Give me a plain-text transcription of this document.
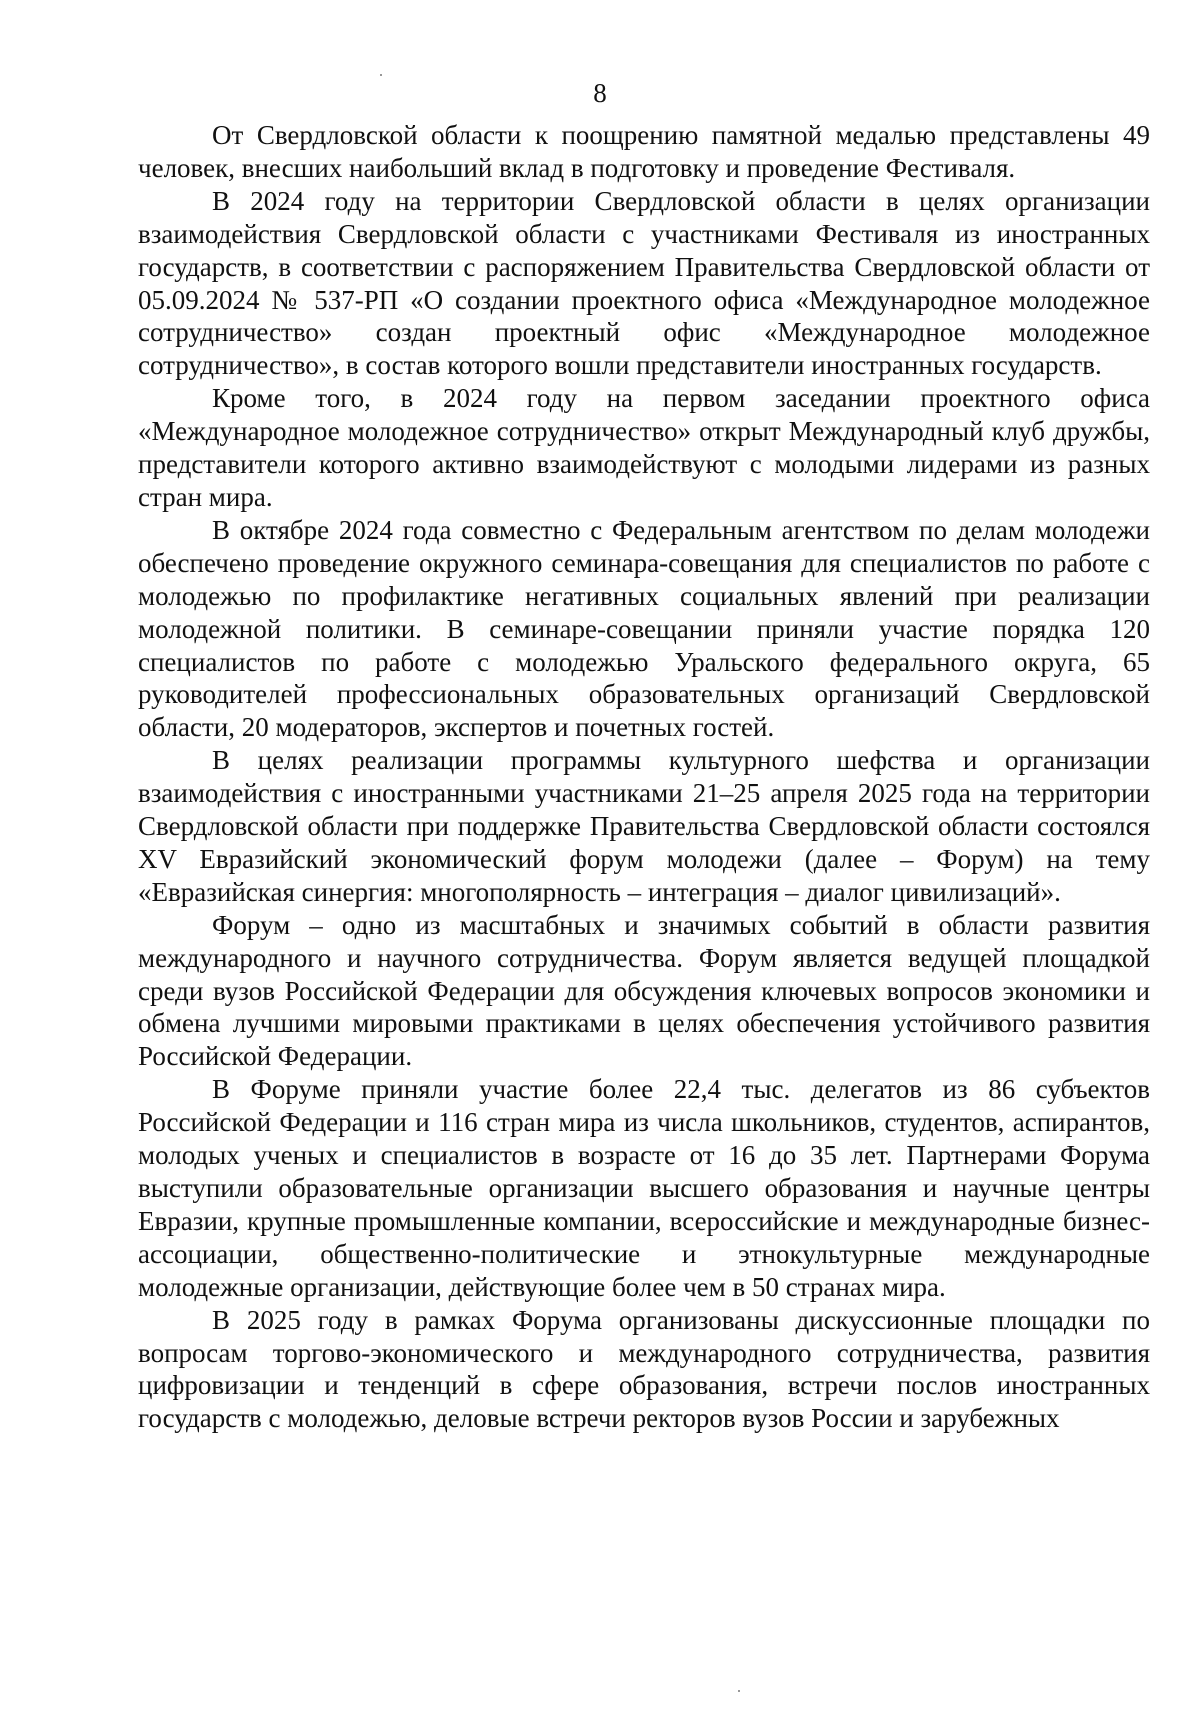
8

От Свердловской области к поощрению памятной медалью представлены 49 человек, внесших наибольший вклад в подготовку и проведение Фестиваля.

В 2024 году на территории Свердловской области в целях организации взаимодействия Свердловской области с участниками Фестиваля из иностранных государств, в соответствии с распоряжением Правительства Свердловской области от 05.09.2024 № 537-РП «О создании проектного офиса «Международное молодежное сотрудничество» создан проектный офис «Международное молодежное сотрудничество», в состав которого вошли представители иностранных государств.

Кроме того, в 2024 году на первом заседании проектного офиса «Международное молодежное сотрудничество» открыт Международный клуб дружбы, представители которого активно взаимодействуют с молодыми лидерами из разных стран мира.

В октябре 2024 года совместно с Федеральным агентством по делам молодежи обеспечено проведение окружного семинара-совещания для специалистов по работе с молодежью по профилактике негативных социальных явлений при реализации молодежной политики. В семинаре-совещании приняли участие порядка 120 специалистов по работе с молодежью Уральского федерального округа, 65 руководителей профессиональных образовательных организаций Свердловской области, 20 модераторов, экспертов и почетных гостей.

В целях реализации программы культурного шефства и организации взаимодействия с иностранными участниками 21–25 апреля 2025 года на территории Свердловской области при поддержке Правительства Свердловской области состоялся XV Евразийский экономический форум молодежи (далее – Форум) на тему «Евразийская синергия: многополярность – интеграция – диалог цивилизаций».

Форум – одно из масштабных и значимых событий в области развития международного и научного сотрудничества. Форум является ведущей площадкой среди вузов Российской Федерации для обсуждения ключевых вопросов экономики и обмена лучшими мировыми практиками в целях обеспечения устойчивого развития Российской Федерации.

В Форуме приняли участие более 22,4 тыс. делегатов из 86 субъектов Российской Федерации и 116 стран мира из числа школьников, студентов, аспирантов, молодых ученых и специалистов в возрасте от 16 до 35 лет. Партнерами Форума выступили образовательные организации высшего образования и научные центры Евразии, крупные промышленные компании, всероссийские и международные бизнес-ассоциации, общественно-политические и этнокультурные международные молодежные организации, действующие более чем в 50 странах мира.

В 2025 году в рамках Форума организованы дискуссионные площадки по вопросам торгово-экономического и международного сотрудничества, развития цифровизации и тенденций в сфере образования, встречи послов иностранных государств с молодежью, деловые встречи ректоров вузов России и зарубежных
